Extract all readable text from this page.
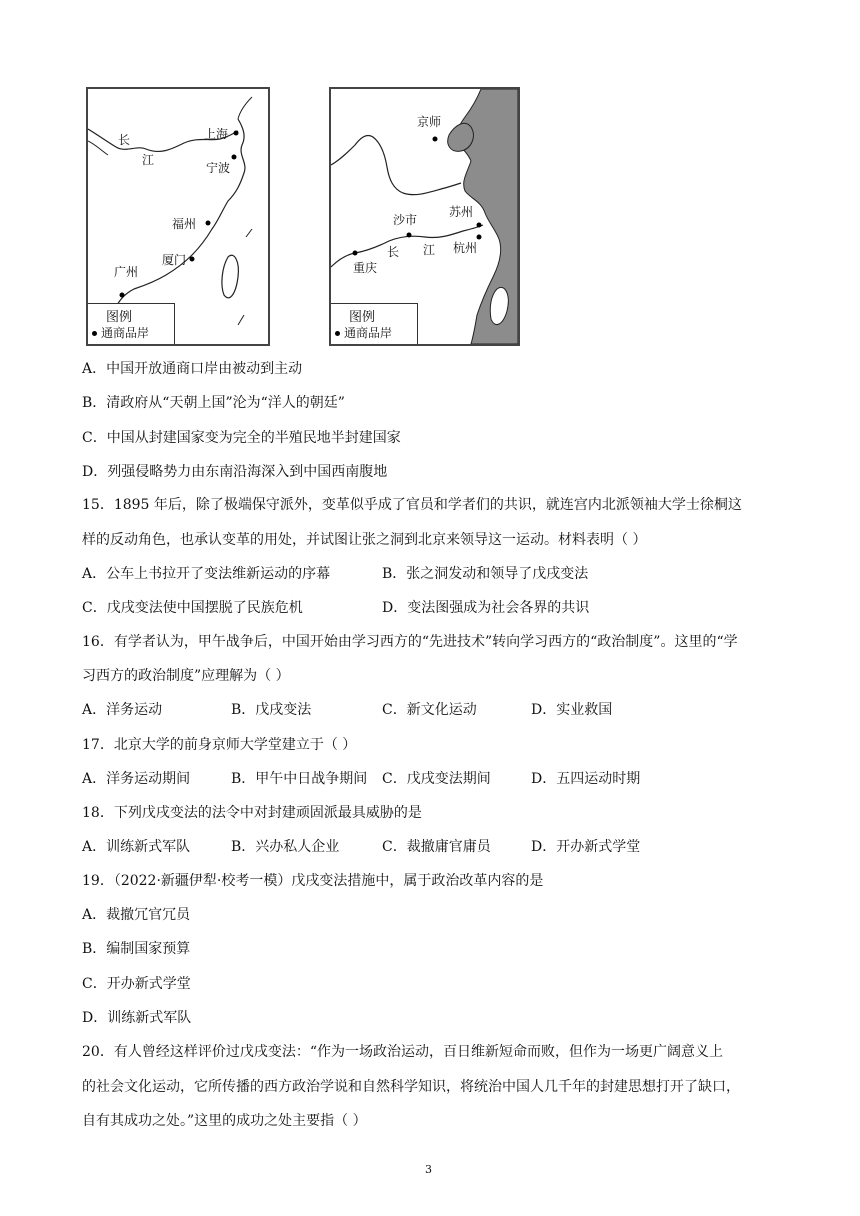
长
江
上海
宁波
福州
厦门
广州
图例
通商品岸
京师
沙市
苏州
重庆
长 江 杭州
图例
通商品岸
A．中国开放通商口岸由被动到主动
B．清政府从“天朝上国”沦为“洋人的朝廷”
C．中国从封建国家变为完全的半殖民地半封建国家
D．列强侵略势力由东南沿海深入到中国西南腹地
15．1895 年后，除了极端保守派外，变革似乎成了官员和学者们的共识，就连宫内北派领袖大学士徐桐这
样的反动角色，也承认变革的用处，并试图让张之洞到北京来领导这一运动。材料表明（ ）
A．公车上书拉开了变法维新运动的序幕	B．张之洞发动和领导了戊戌变法
C．戊戌变法使中国摆脱了民族危机	D．变法图强成为社会各界的共识
16．有学者认为，甲午战争后，中国开始由学习西方的“先进技术”转向学习西方的“政治制度”。这里的“学
习西方的政治制度”应理解为（ ）
A．洋务运动	B．戊戌变法	C．新文化运动	D．实业救国
17．北京大学的前身京师大学堂建立于（ ）
A．洋务运动期间	B．甲午中日战争期间 C．戊戌变法期间	D．五四运动时期
18．下列戊戌变法的法令中对封建顽固派最具威胁的是
A．训练新式军队	B．兴办私人企业	C．裁撤庸官庸员	D．开办新式学堂
19．（2022·新疆伊犁·校考一模）戊戌变法措施中，属于政治改革内容的是
A．裁撤冗官冗员
B．编制国家预算
C．开办新式学堂
D．训练新式军队
20．有人曾经这样评价过戊戌变法：“作为一场政治运动，百日维新短命而败，但作为一场更广阔意义上
的社会文化运动，它所传播的西方政治学说和自然科学知识，将统治中国人几千年的封建思想打开了缺口，
自有其成功之处。”这里的成功之处主要指（ ）
3
